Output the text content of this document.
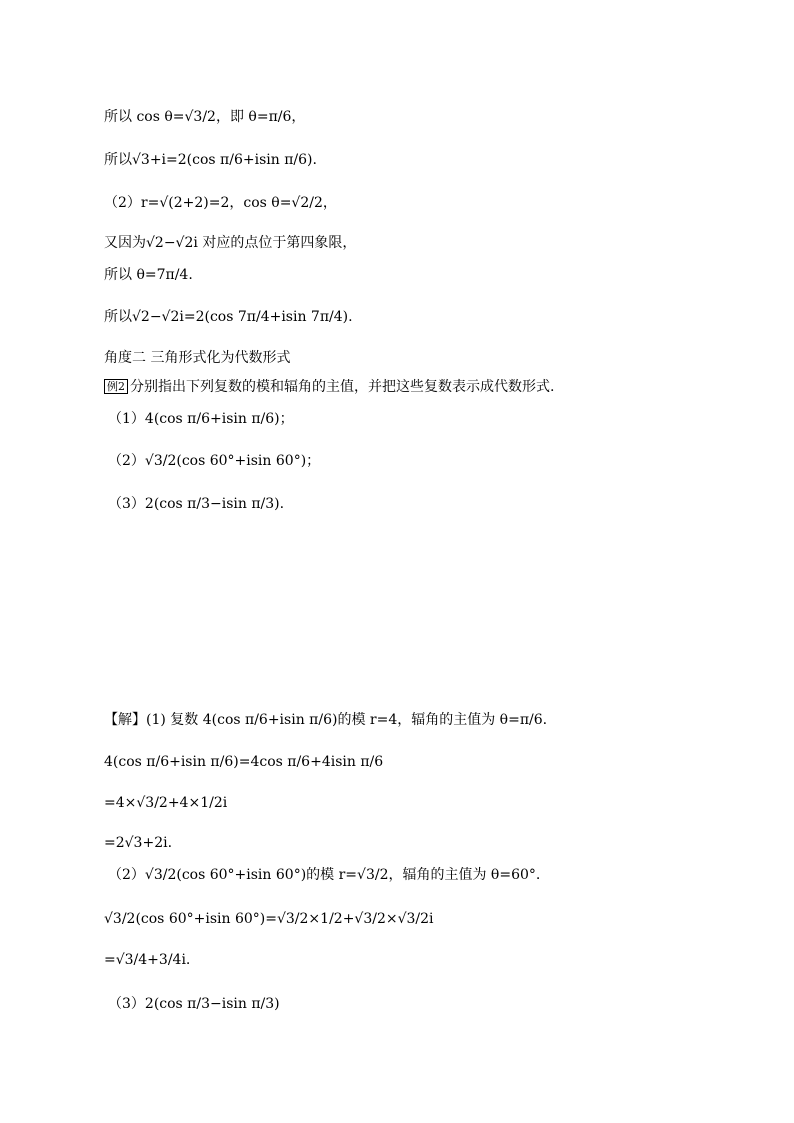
所以 cos θ=√3/2，即 θ=π/6，
所以√3+i=2(cos π/6+isin π/6).
（2）r=√(2+2)=2，cos θ=√2/2，
又因为√2−√2i 对应的点位于第四象限，
所以 θ=7π/4.
所以√2−√2i=2(cos 7π/4+isin 7π/4).
角度二 三角形式化为代数形式
例2 分别指出下列复数的模和辐角的主值，并把这些复数表示成代数形式.
（1）4(cos π/6+isin π/6)；
（2）√3/2(cos 60°+isin 60°)；
（3）2(cos π/3−isin π/3).
【解】(1) 复数 4(cos π/6+isin π/6)的模 r=4，辐角的主值为 θ=π/6.
4(cos π/6+isin π/6)=4cos π/6+4isin π/6
=4×√3/2+4×1/2i
=2√3+2i.
（2）√3/2(cos 60°+isin 60°)的模 r=√3/2，辐角的主值为 θ=60°.
√3/2(cos 60°+isin 60°)=√3/2×1/2+√3/2×√3/2i
=√3/4+3/4i.
（3）2(cos π/3−isin π/3)
